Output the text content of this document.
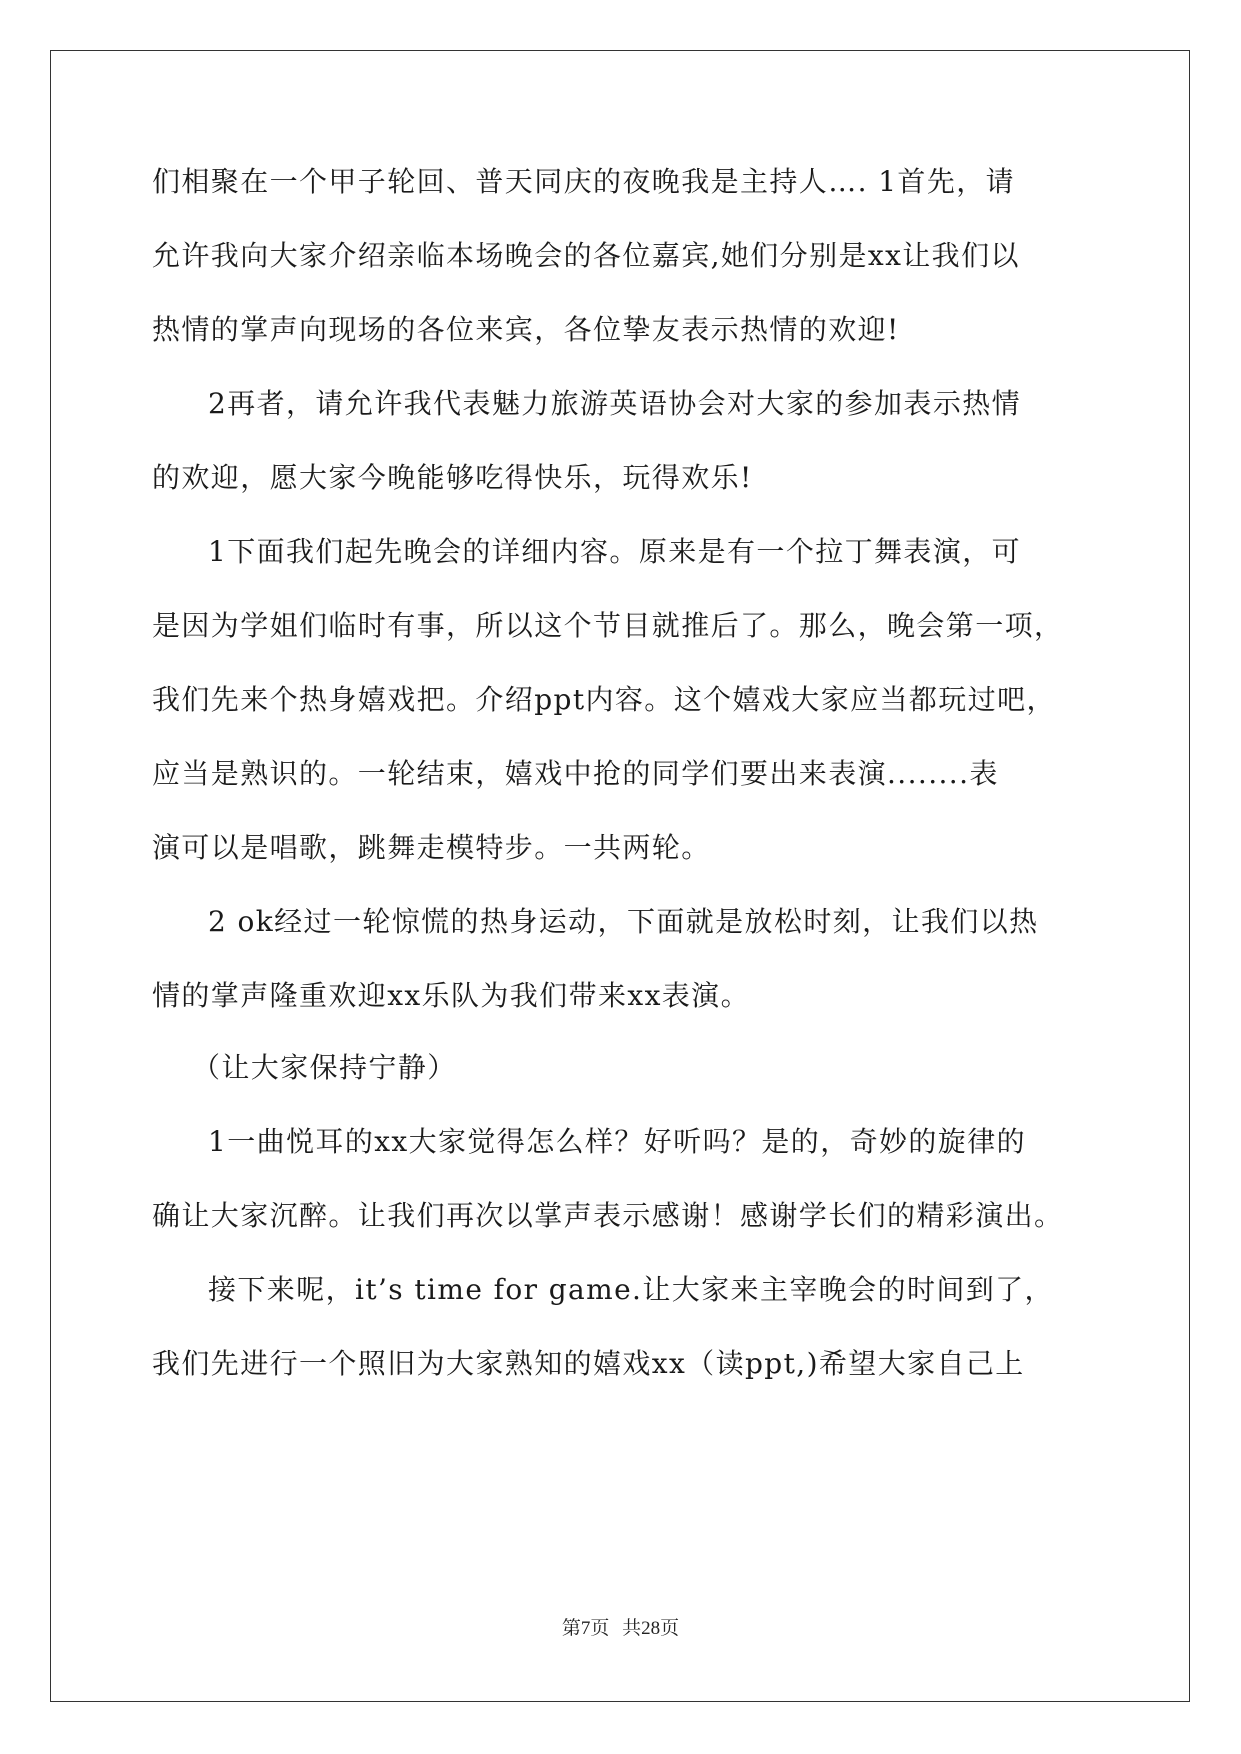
们相聚在一个甲子轮回、普天同庆的夜晚我是主持人…. 1首先，请
允许我向大家介绍亲临本场晚会的各位嘉宾,她们分别是xx让我们以
热情的掌声向现场的各位来宾，各位挚友表示热情的欢迎!
2再者，请允许我代表魅力旅游英语协会对大家的参加表示热情
的欢迎，愿大家今晚能够吃得快乐，玩得欢乐!
1下面我们起先晚会的详细内容。原来是有一个拉丁舞表演，可
是因为学姐们临时有事，所以这个节目就推后了。那么，晚会第一项，
我们先来个热身嬉戏把。介绍ppt内容。这个嬉戏大家应当都玩过吧，
应当是熟识的。一轮结束，嬉戏中抢的同学们要出来表演........表
演可以是唱歌，跳舞走模特步。一共两轮。
2 ok经过一轮惊慌的热身运动，下面就是放松时刻，让我们以热
情的掌声隆重欢迎xx乐队为我们带来xx表演。
（让大家保持宁静）
1一曲悦耳的xx大家觉得怎么样？好听吗？是的，奇妙的旋律的
确让大家沉醉。让我们再次以掌声表示感谢！感谢学长们的精彩演出。
接下来呢，it’s time for game.让大家来主宰晚会的时间到了，
我们先进行一个照旧为大家熟知的嬉戏xx（读ppt,)希望大家自己上
第7页 共28页
